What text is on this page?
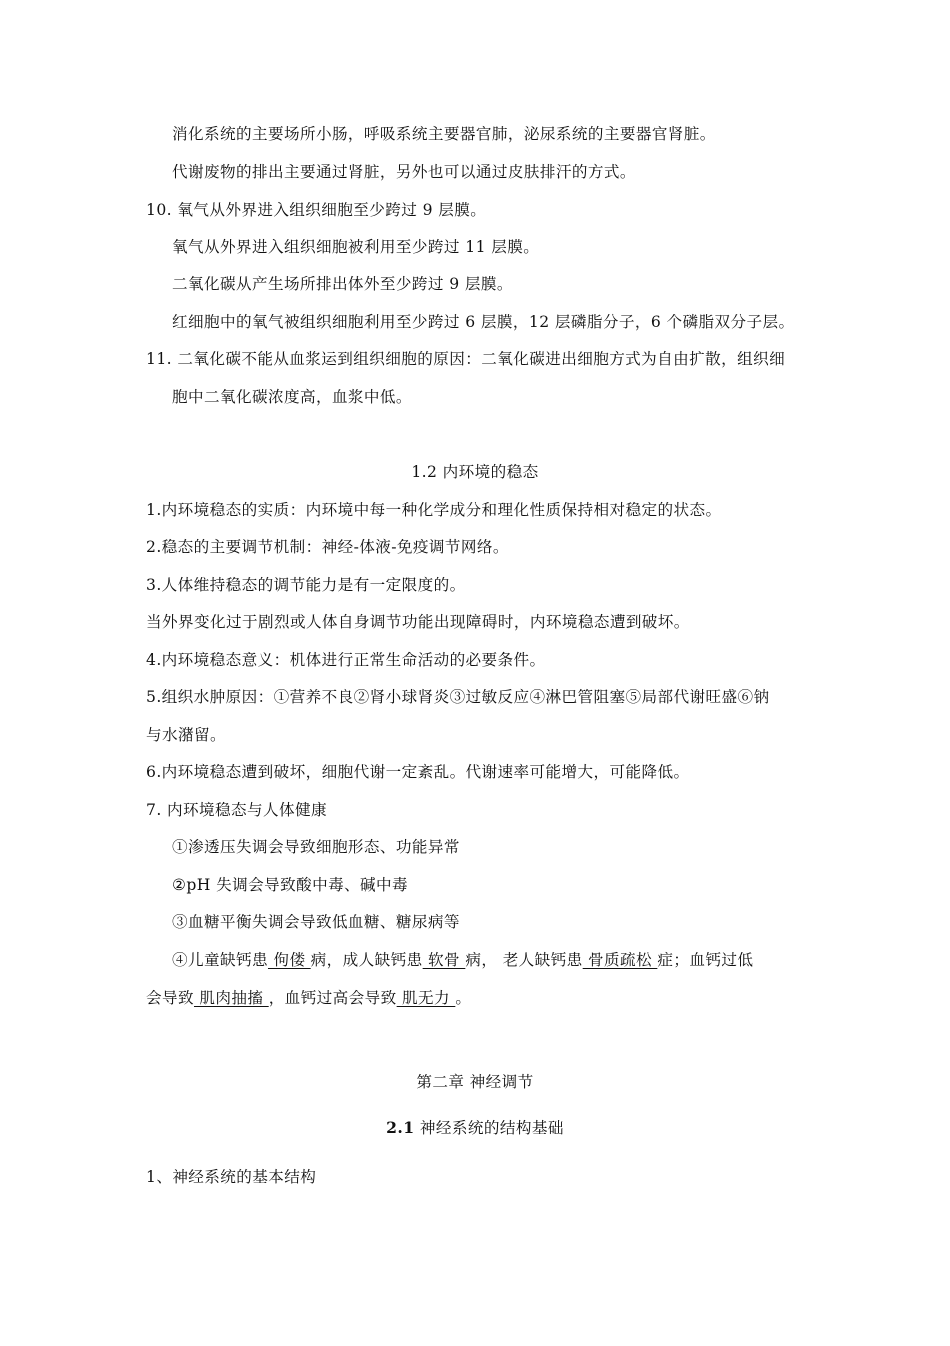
消化系统的主要场所小肠，呼吸系统主要器官肺，泌尿系统的主要器官肾脏。
代谢废物的排出主要通过肾脏，另外也可以通过皮肤排汗的方式。
10. 氧气从外界进入组织细胞至少跨过 9 层膜。
氧气从外界进入组织细胞被利用至少跨过 11 层膜。
二氧化碳从产生场所排出体外至少跨过 9 层膜。
红细胞中的氧气被组织细胞利用至少跨过 6 层膜，12 层磷脂分子，6 个磷脂双分子层。
11. 二氧化碳不能从血浆运到组织细胞的原因：二氧化碳进出细胞方式为自由扩散，组织细
胞中二氧化碳浓度高，血浆中低。
1.2 内环境的稳态
1.内环境稳态的实质：内环境中每一种化学成分和理化性质保持相对稳定的状态。
2.稳态的主要调节机制：神经-体液-免疫调节网络。
3.人体维持稳态的调节能力是有一定限度的。
当外界变化过于剧烈或人体自身调节功能出现障碍时，内环境稳态遭到破坏。
4.内环境稳态意义：机体进行正常生命活动的必要条件。
5.组织水肿原因：①营养不良②肾小球肾炎③过敏反应④淋巴管阻塞⑤局部代谢旺盛⑥钠
与水潴留。
6.内环境稳态遭到破坏，细胞代谢一定紊乱。代谢速率可能增大，可能降低。
7. 内环境稳态与人体健康
①渗透压失调会导致细胞形态、功能异常
②pH 失调会导致酸中毒、碱中毒
③血糖平衡失调会导致低血糖、糖尿病等
④儿童缺钙患 佝偻 病，成人缺钙患 软骨 病， 老人缺钙患 骨质疏松 症；血钙过低
会导致 肌肉抽搐 ，血钙过高会导致 肌无力 。
第二章 神经调节
2.1 神经系统的结构基础
1、神经系统的基本结构
